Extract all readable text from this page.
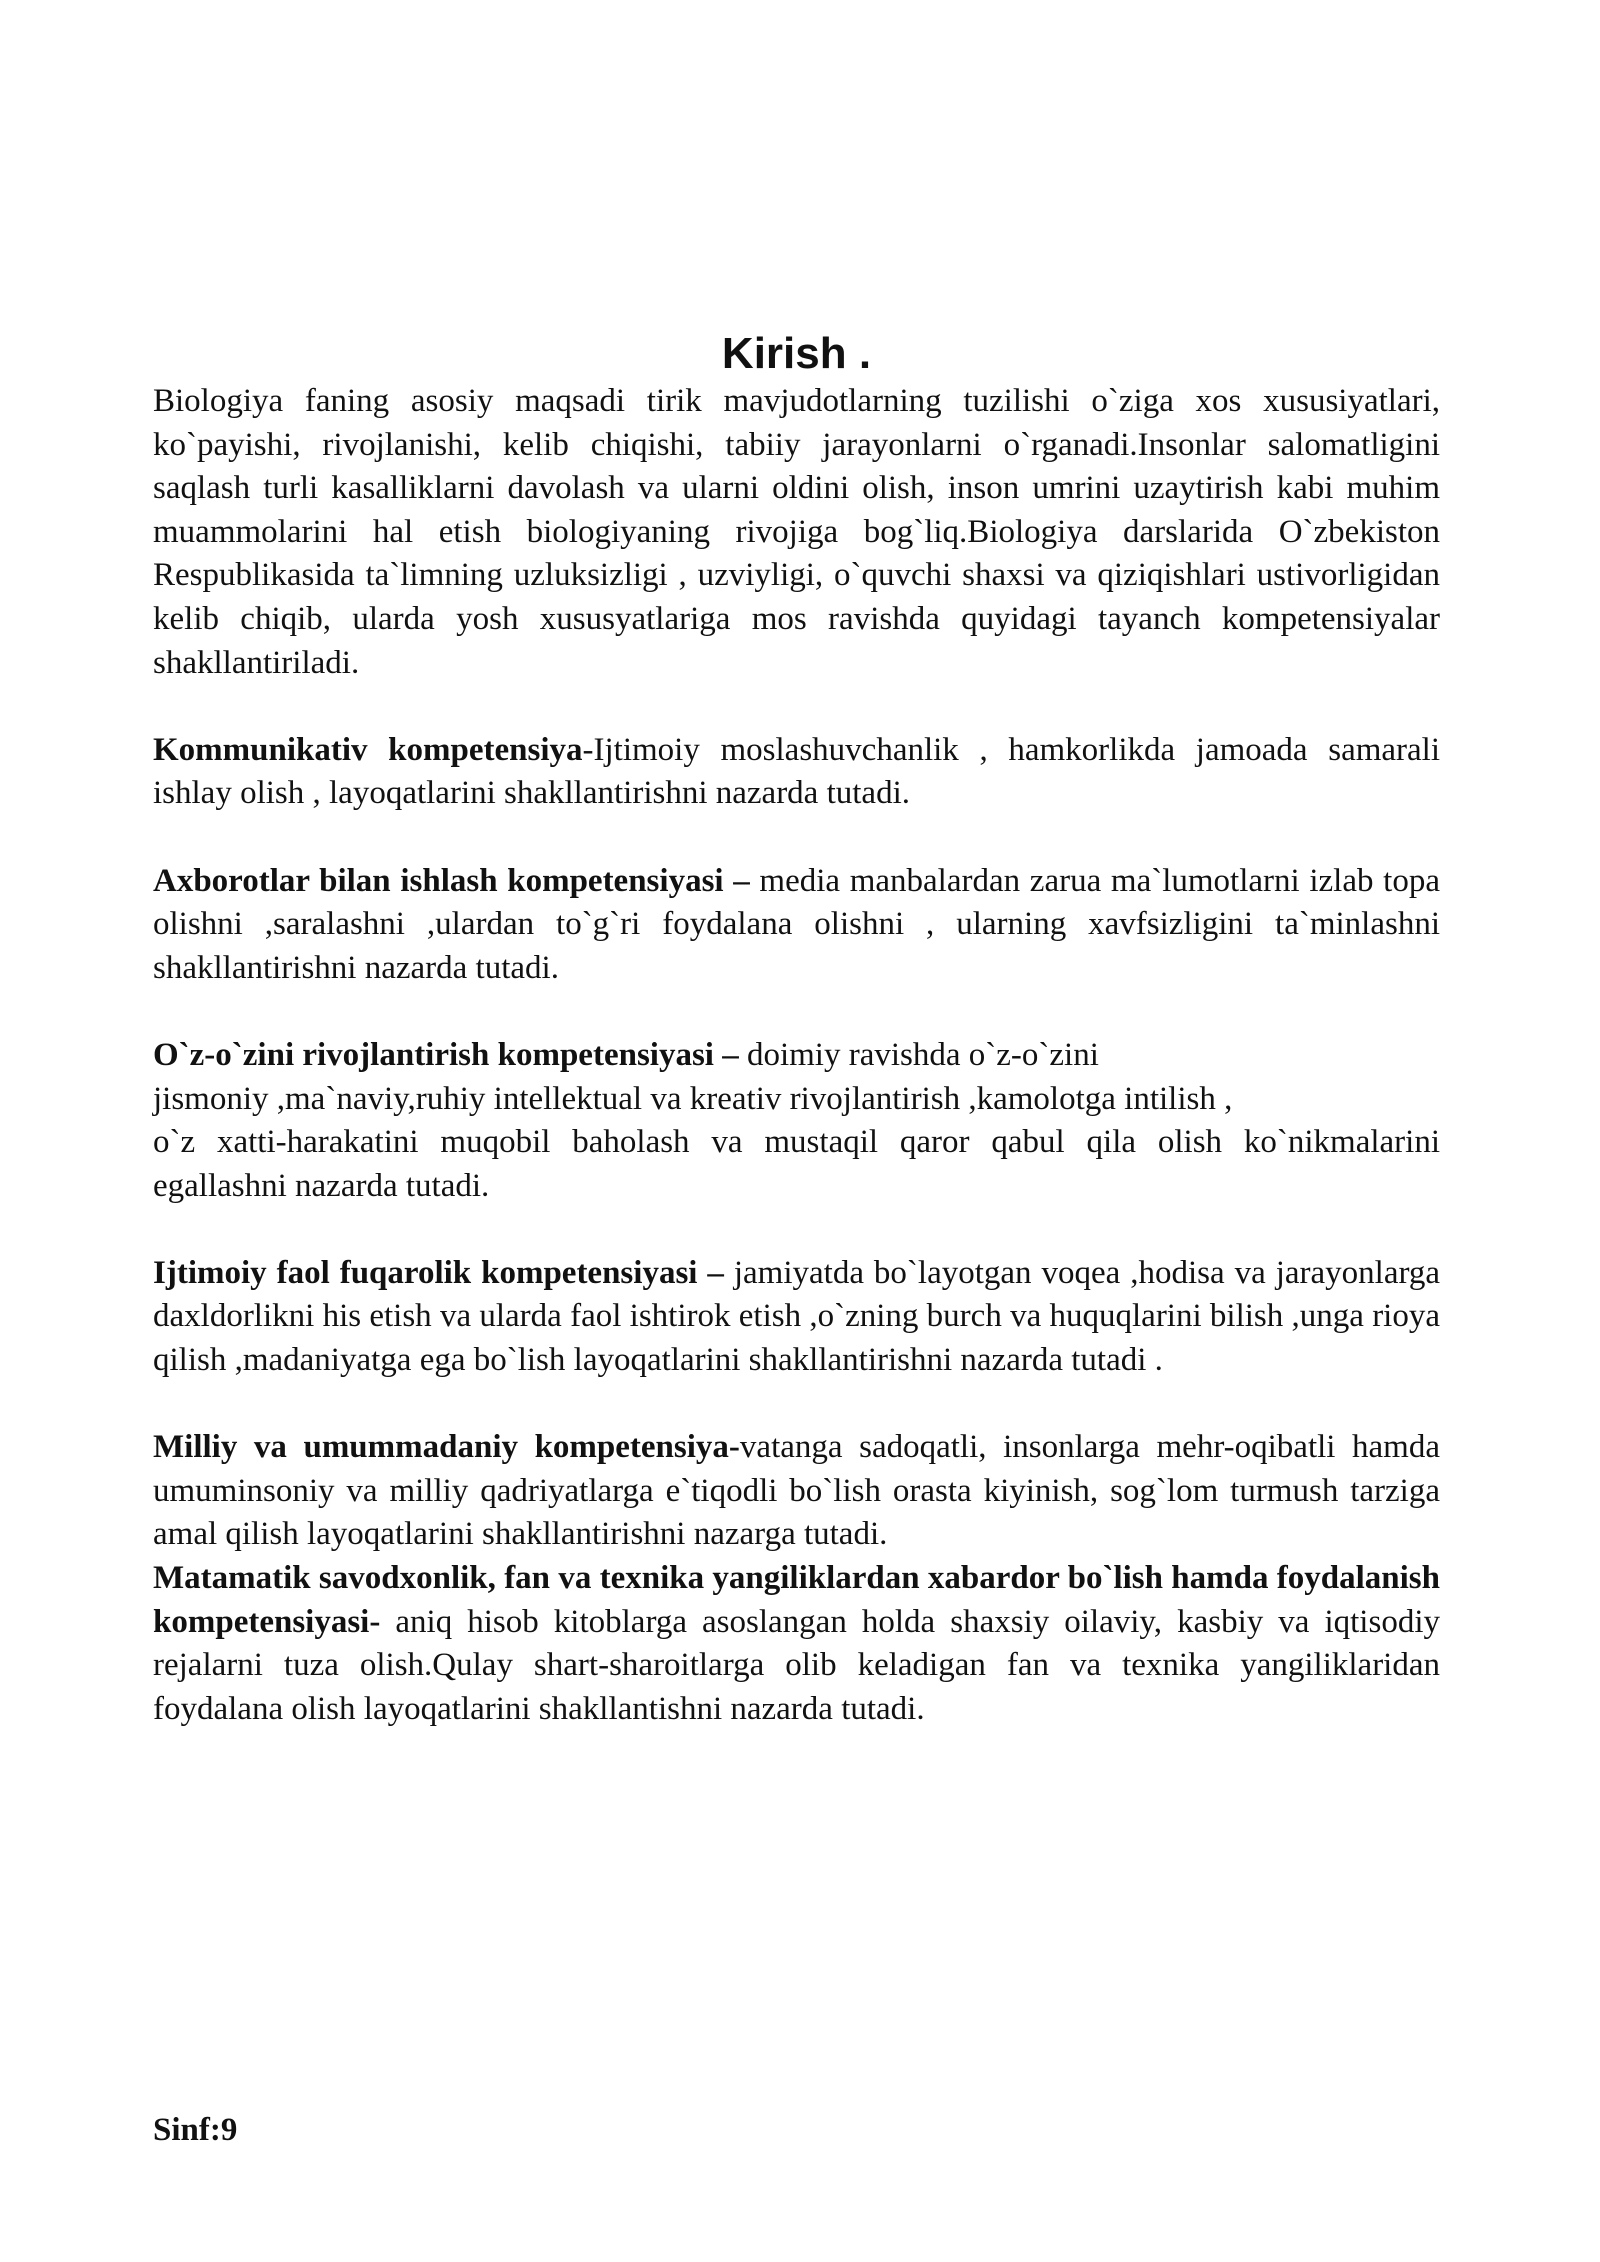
Kirish .

Biologiya faning asosiy maqsadi tirik mavjudotlarning tuzilishi o`ziga xos xususiyatlari, ko`payishi, rivojlanishi, kelib chiqishi, tabiiy jarayonlarni o`rganadi.Insonlar salomatligini saqlash turli kasalliklarni davolash va ularni oldini olish, inson umrini uzaytirish kabi muhim muammolarini hal etish biologiyaning rivojiga bog`liq.Biologiya darslarida O`zbekiston Respublikasida ta`limning uzluksizligi , uzviyligi, o`quvchi shaxsi va qiziqishlari ustivorligidan kelib chiqib, ularda yosh xususyatlariga mos ravishda quyidagi tayanch kompetensiyalar shakllantiriladi.

Kommunikativ kompetensiya-Ijtimoiy moslashuvchanlik , hamkorlikda jamoada samarali ishlay olish , layoqatlarini shakllantirishni nazarda tutadi.

Axborotlar bilan ishlash kompetensiyasi – media manbalardan zarua ma`lumotlarni izlab topa olishni ,saralashni ,ulardan to`g`ri foydalana olishni , ularning xavfsizligini ta`minlashni shakllantirishni nazarda tutadi.

O`z-o`zini rivojlantirish kompetensiyasi – doimiy ravishda o`z-o`zini
jismoniy ,ma`naviy,ruhiy intellektual va kreativ rivojlantirish ,kamolotga intilish ,
o`z xatti-harakatini muqobil baholash va mustaqil qaror qabul qila olish ko`nikmalarini egallashni nazarda tutadi.

Ijtimoiy faol fuqarolik kompetensiyasi – jamiyatda bo`layotgan voqea ,hodisa va jarayonlarga daxldorlikni his etish va ularda faol ishtirok etish ,o`zning burch va huquqlarini bilish ,unga rioya qilish ,madaniyatga ega bo`lish layoqatlarini shakllantirishni nazarda tutadi .

Milliy va umummadaniy kompetensiya-vatanga sadoqatli, insonlarga mehr-oqibatli hamda umuminsoniy va milliy qadriyatlarga e`tiqodli bo`lish orasta kiyinish, sog`lom turmush tarziga amal qilish layoqatlarini shakllantirishni nazarga tutadi.

Matamatik savodxonlik, fan va texnika yangiliklardan xabardor bo`lish hamda foydalanish kompetensiyasi- aniq hisob kitoblarga asoslangan holda shaxsiy oilaviy, kasbiy va iqtisodiy rejalarni tuza olish.Qulay shart-sharoitlarga olib keladigan fan va texnika yangiliklaridan foydalana olish layoqatlarini shakllantishni nazarda tutadi.

Sinf:9
